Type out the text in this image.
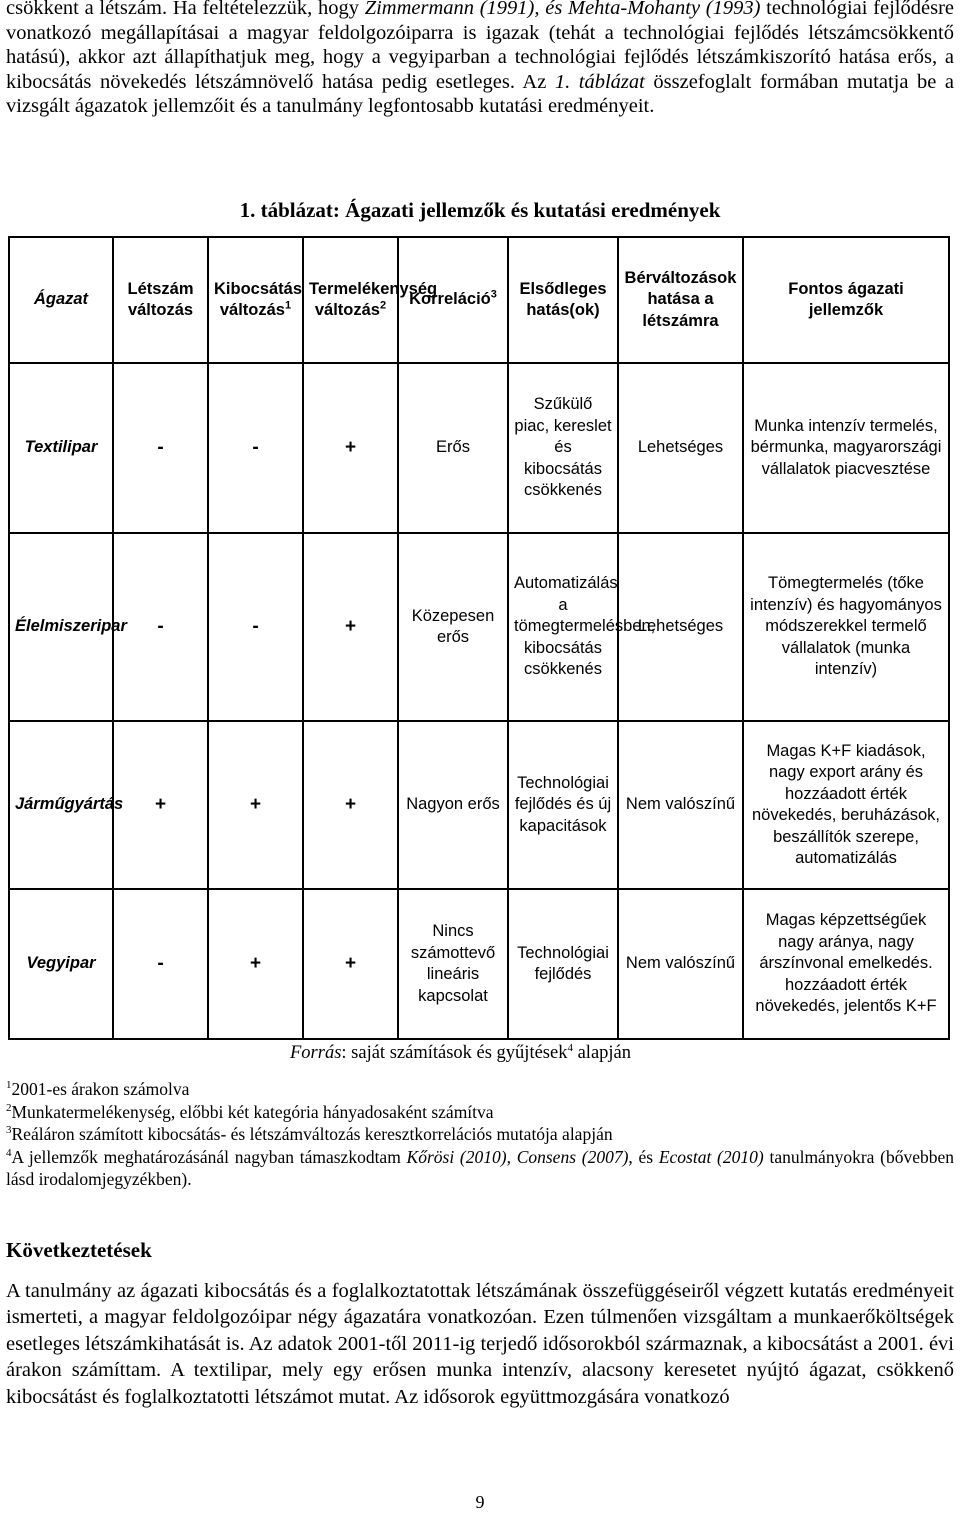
csökkent a létszám. Ha feltételezzük, hogy Zimmermann (1991), és Mehta-Mohanty (1993) technológiai fejlődésre vonatkozó megállapításai a magyar feldolgozóiparra is igazak (tehát a technológiai fejlődés létszámcsökkentő hatású), akkor azt állapíthatjuk meg, hogy a vegyiparban a technológiai fejlődés létszámkiszorító hatása erős, a kibocsátás növekedés létszámnövelő hatása pedig esetleges. Az 1. táblázat összefoglalt formában mutatja be a vizsgált ágazatok jellemzőit és a tanulmány legfontosabb kutatási eredményeit.

1. táblázat: Ágazati jellemzők és kutatási eredmények
Ágazat	Létszám változás	Kibocsátás változás$^1$	Termelékenység változás$^2$	Korreláció$^3$	Elsődleges hatás(ok)	Bérváltozások hatása a létszámra	Fontos ágazati jellemzők
Textilipar	-	-	+	Erős	Szűkülő piac, kereslet és kibocsátás csökkenés	Lehetséges	Munka intenzív termelés, bérmunka, magyarországi vállalatok piacvesztése
Élelmiszeripar	-	-	+	Közepesen erős	Automatizálás a tömegtermelésben, kibocsátás csökkenés	Lehetséges	Tömegtermelés (tőke intenzív) és hagyományos módszerekkel termelő vállalatok (munka intenzív)
Járműgyártás	+	+	+	Nagyon erős	Technológiai fejlődés és új kapacitások	Nem valószínű	Magas K+F kiadások, nagy export arány és hozzáadott érték növekedés, beruházások, beszállítók szerepe, automatizálás
Vegyipar	-	+	+	Nincs számottevő lineáris kapcsolat	Technológiai fejlődés	Nem valószínű	Magas képzettségűek nagy aránya, nagy árszínvonal emelkedés. hozzáadott érték növekedés, jelentős K+F
Forrás: saját számítások és gyűjtések$^4$ alapján

$^1$2001-es árakon számolva

$^2$Munkatermelékenység, előbbi két kategória hányadosaként számítva

$^3$Reáláron számított kibocsátás- és létszámváltozás keresztkorrelációs mutatója alapján

$^4$A jellemzők meghatározásánál nagyban támaszkodtam Kőrösi (2010), Consens (2007), és Ecostat (2010) tanulmányokra (bővebben lásd irodalomjegyzékben).

Következtetések

A tanulmány az ágazati kibocsátás és a foglalkoztatottak létszámának összefüggéseiről végzett kutatás eredményeit ismerteti, a magyar feldolgozóipar négy ágazatára vonatkozóan. Ezen túlmenően vizsgáltam a munkaerőköltségek esetleges létszámkihatását is. Az adatok 2001-től 2011-ig terjedő idősorokból származnak, a kibocsátást a 2001. évi árakon számíttam. A textilipar, mely egy erősen munka intenzív, alacsony keresetet nyújtó ágazat, csökkenő kibocsátást és foglalkoztatotti létszámot mutat. Az idősorok együttmozgására vonatkozó

9
